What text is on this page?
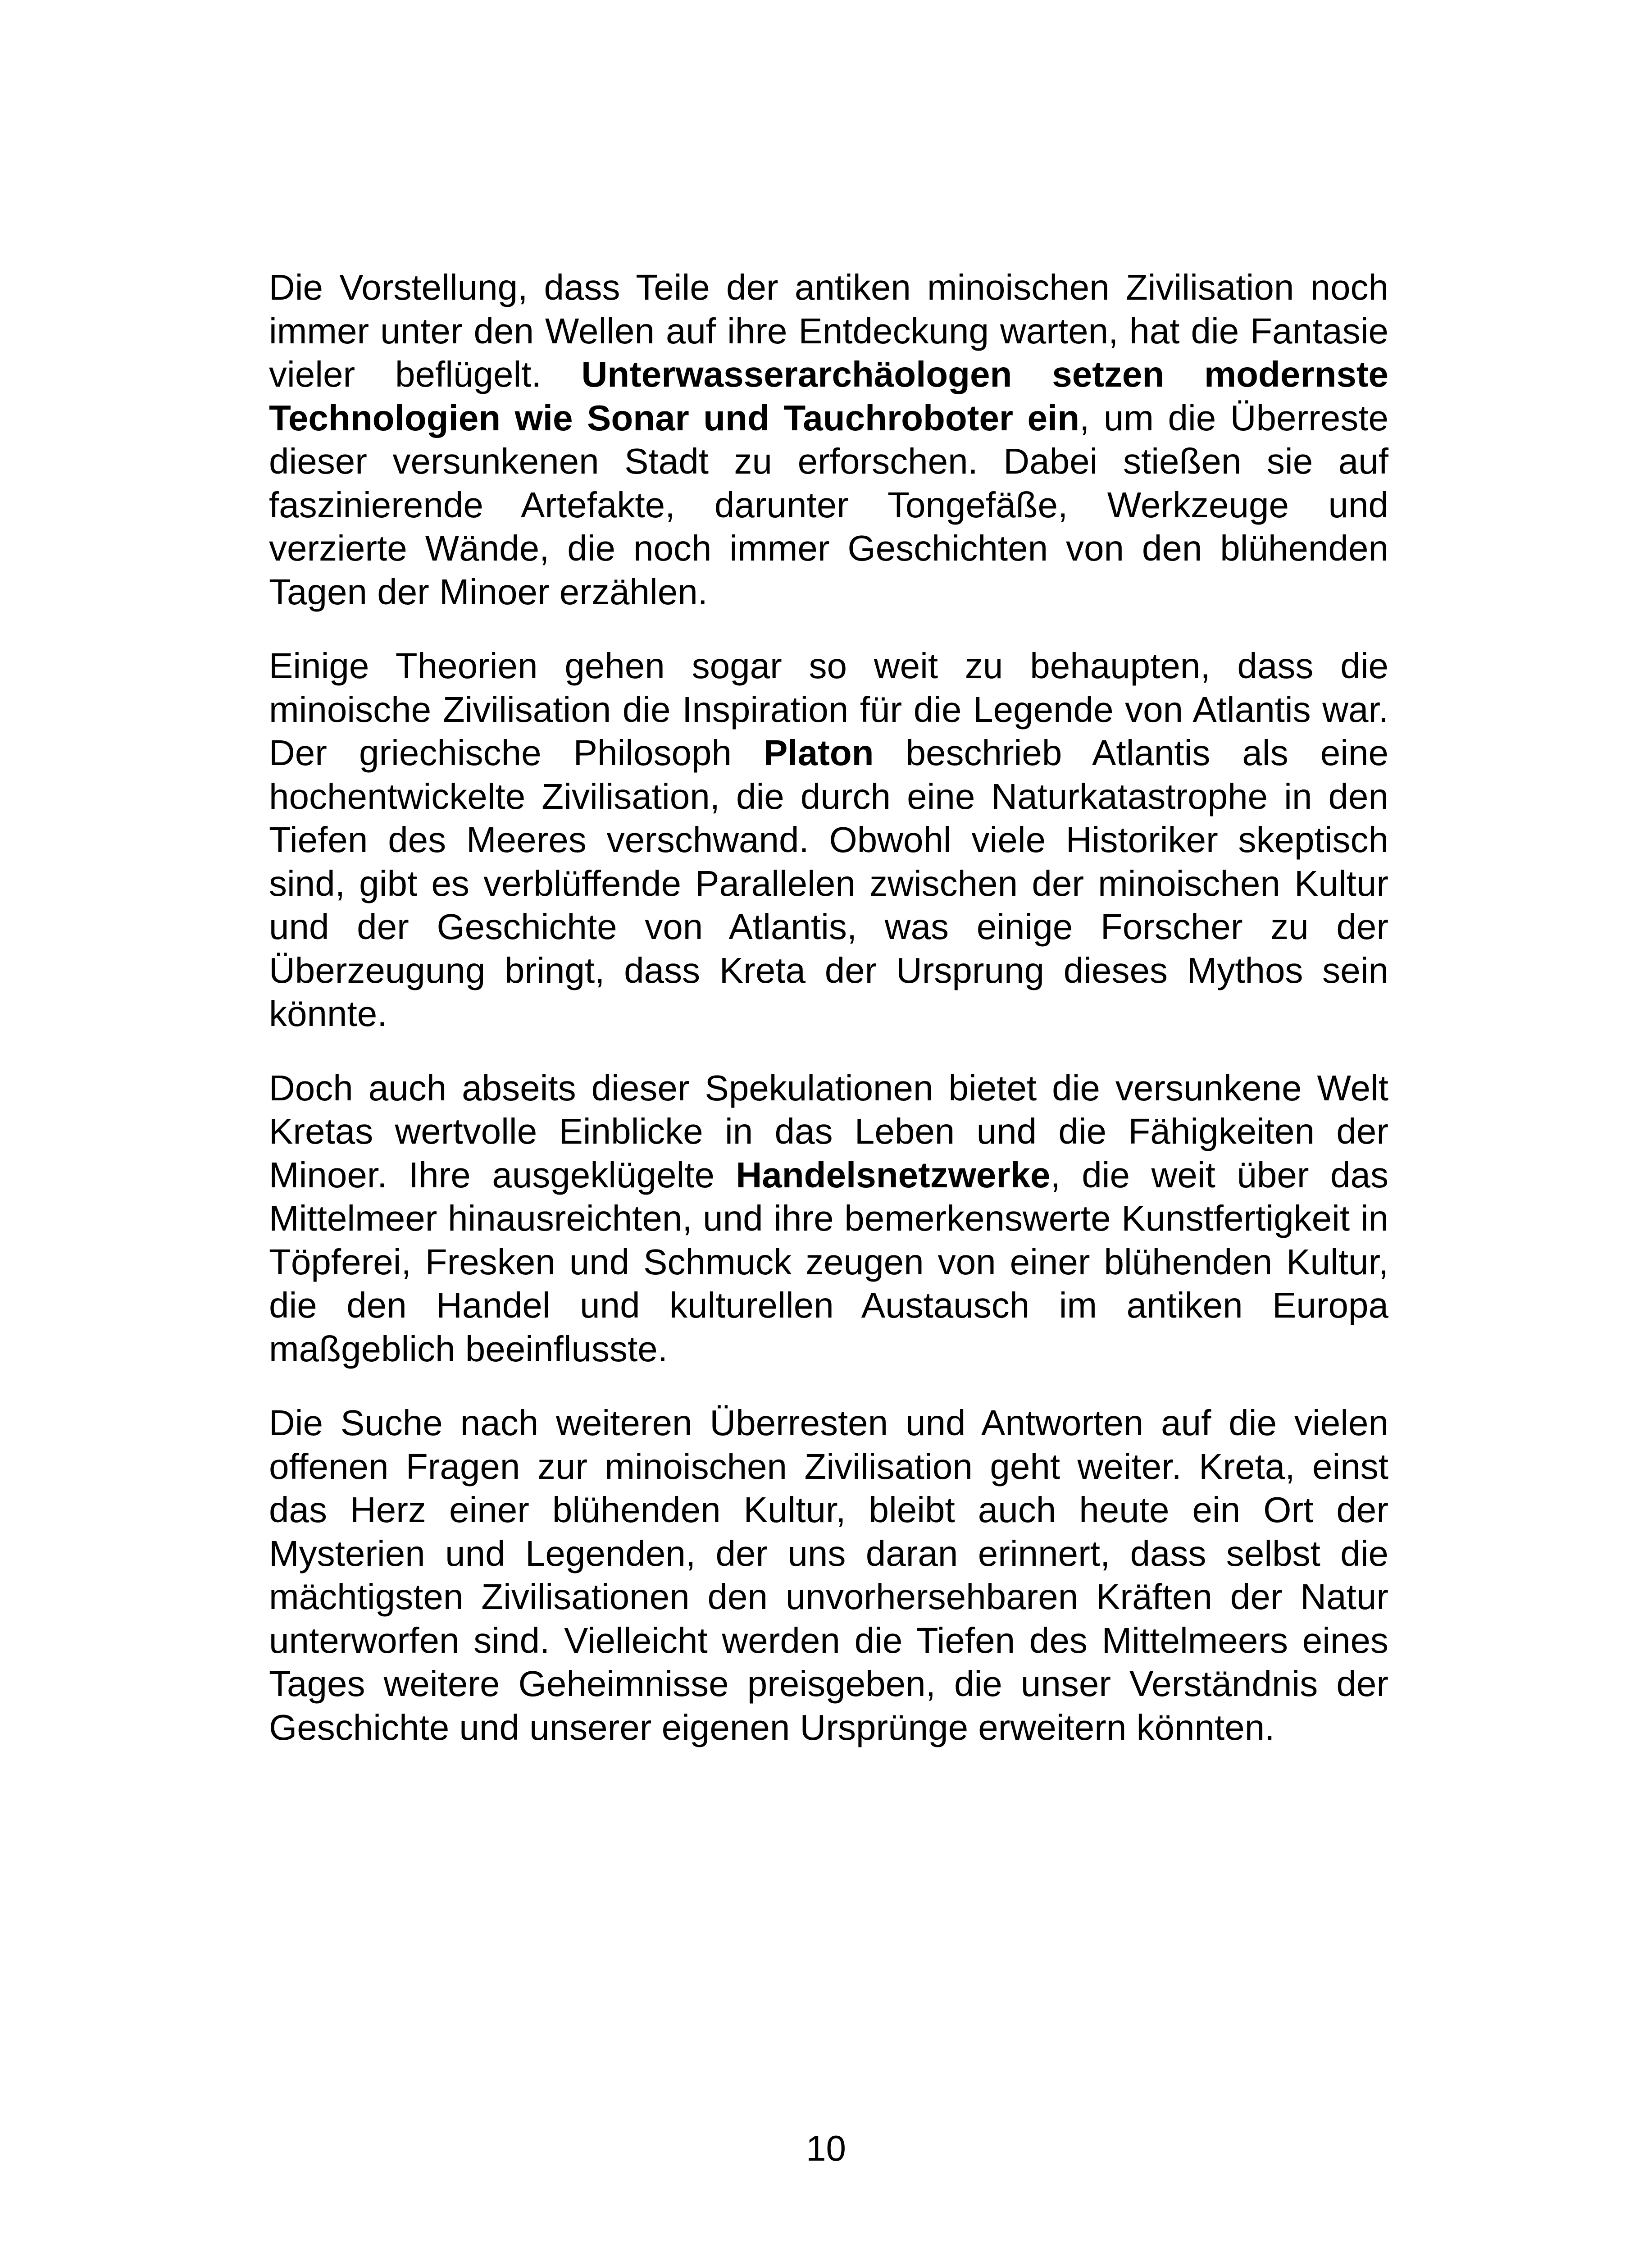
Die Vorstellung, dass Teile der antiken minoischen Zivilisation noch immer unter den Wellen auf ihre Entdeckung warten, hat die Fantasie vieler beflügelt. Unterwasserarchäologen setzen modernste Technologien wie Sonar und Tauchroboter ein, um die Überreste dieser versunkenen Stadt zu erforschen. Dabei stießen sie auf faszinierende Artefakte, darunter Tongefäße, Werkzeuge und verzierte Wände, die noch immer Geschichten von den blühenden Tagen der Minoer erzählen.

Einige Theorien gehen sogar so weit zu behaupten, dass die minoische Zivilisation die Inspiration für die Legende von Atlantis war. Der griechische Philosoph Platon beschrieb Atlantis als eine hochentwickelte Zivilisation, die durch eine Naturkatastrophe in den Tiefen des Meeres verschwand. Obwohl viele Historiker skeptisch sind, gibt es verblüffende Parallelen zwischen der minoischen Kultur und der Geschichte von Atlantis, was einige Forscher zu der Überzeugung bringt, dass Kreta der Ursprung dieses Mythos sein könnte.

Doch auch abseits dieser Spekulationen bietet die versunkene Welt Kretas wertvolle Einblicke in das Leben und die Fähigkeiten der Minoer. Ihre ausgeklügelte Handelsnetzwerke, die weit über das Mittelmeer hinausreichten, und ihre bemerkenswerte Kunstfertigkeit in Töpferei, Fresken und Schmuck zeugen von einer blühenden Kultur, die den Handel und kulturellen Austausch im antiken Europa maßgeblich beeinflusste.

Die Suche nach weiteren Überresten und Antworten auf die vielen offenen Fragen zur minoischen Zivilisation geht weiter. Kreta, einst das Herz einer blühenden Kultur, bleibt auch heute ein Ort der Mysterien und Legenden, der uns daran erinnert, dass selbst die mächtigsten Zivilisationen den unvorhersehbaren Kräften der Natur unterworfen sind. Vielleicht werden die Tiefen des Mittelmeers eines Tages weitere Geheimnisse preisgeben, die unser Verständnis der Geschichte und unserer eigenen Ursprünge erweitern könnten.

10
